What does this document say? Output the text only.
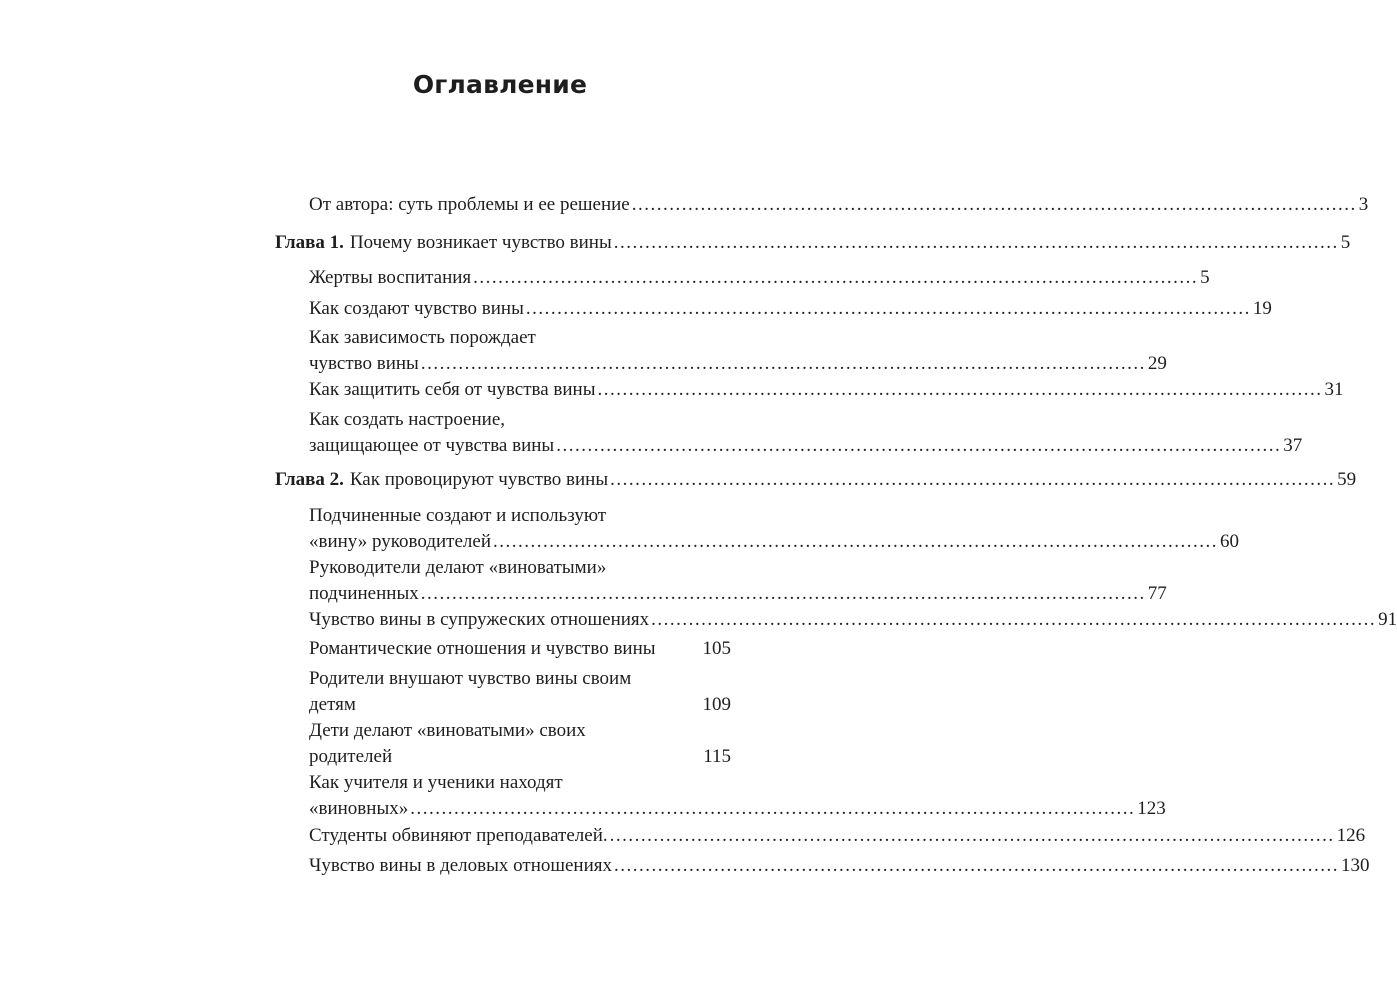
Оглавление
От автора: суть проблемы и ее решение .................................................................................................................... 3
Глава 1. Почему возникает чувство вины .................................................................................................................... 5
Жертвы воспитания .................................................................................................................... 5
Как создают чувство вины .................................................................................................................... 19
Как зависимость порождает
чувство вины .................................................................................................................... 29
Как защитить себя от чувства вины .................................................................................................................... 31
Как создать настроение,
защищающее от чувства вины .................................................................................................................... 37
Глава 2. Как провоцируют чувство вины .................................................................................................................... 59
Подчиненные создают и используют
«вину» руководителей .................................................................................................................... 60
Руководители делают «виноватыми»
подчиненных .................................................................................................................... 77
Чувство вины в супружеских отношениях .................................................................................................................... 91
Романтические отношения и чувство вины 105
Родители внушают чувство вины своим
детям	109
Дети делают «виноватыми» своих
родителей	115
Как учителя и ученики находят
«виновных» .................................................................................................................... 123
Студенты обвиняют преподавателей. .................................................................................................................... 126
Чувство вины в деловых отношениях .................................................................................................................... 130
